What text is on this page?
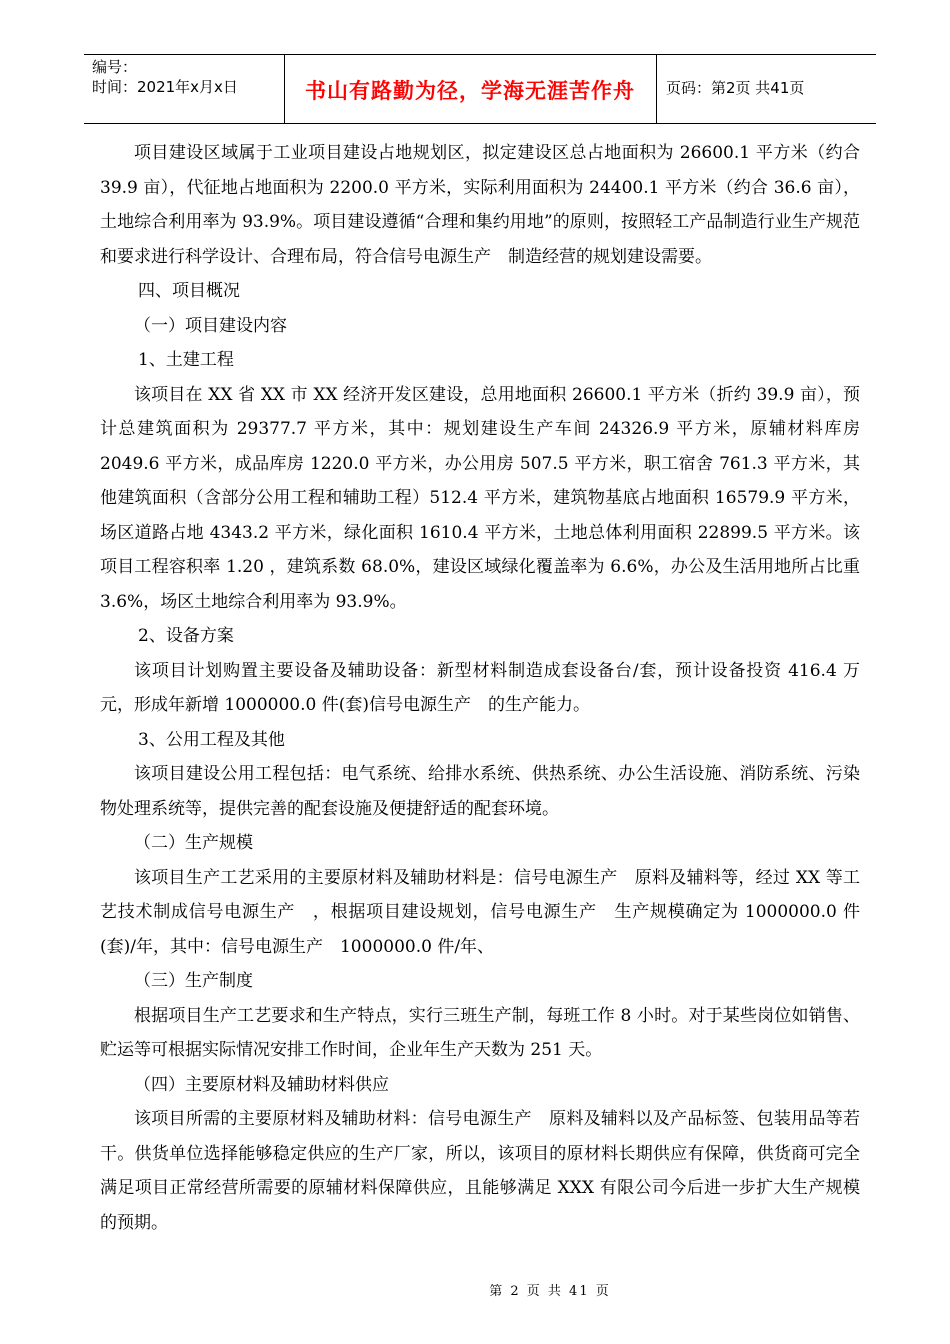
编号：
时间：2021年x月x日	书山有路勤为径，学海无涯苦作舟	页码：第2页 共41页

项目建设区域属于工业项目建设占地规划区，拟定建设区总占地面积为 26600.1 平方米（约合 39.9 亩），代征地占地面积为 2200.0 平方米，实际利用面积为 24400.1 平方米（约合 36.6 亩），土地综合利用率为 93.9%。项目建设遵循“合理和集约用地”的原则，按照轻工产品制造行业生产规范和要求进行科学设计、合理布局，符合信号电源生产　制造经营的规划建设需要。

四、项目概况

（一）项目建设内容

1、土建工程

该项目在 XX 省 XX 市 XX 经济开发区建设，总用地面积 26600.1 平方米（折约 39.9 亩），预计总建筑面积为 29377.7 平方米，其中：规划建设生产车间 24326.9 平方米，原辅材料库房 2049.6 平方米，成品库房 1220.0 平方米，办公用房 507.5 平方米，职工宿舍 761.3 平方米，其他建筑面积（含部分公用工程和辅助工程）512.4 平方米，建筑物基底占地面积 16579.9 平方米，场区道路占地 4343.2 平方米，绿化面积 1610.4 平方米，土地总体利用面积 22899.5 平方米。该项目工程容积率 1.20 ，建筑系数 68.0%，建设区域绿化覆盖率为 6.6%，办公及生活用地所占比重 3.6%，场区土地综合利用率为 93.9%。

2、设备方案

该项目计划购置主要设备及辅助设备：新型材料制造成套设备台/套，预计设备投资 416.4 万元，形成年新增 1000000.0 件(套)信号电源生产　的生产能力。

3、公用工程及其他

该项目建设公用工程包括：电气系统、给排水系统、供热系统、办公生活设施、消防系统、污染物处理系统等，提供完善的配套设施及便捷舒适的配套环境。

（二）生产规模

该项目生产工艺采用的主要原材料及辅助材料是：信号电源生产　原料及辅料等，经过 XX 等工艺技术制成信号电源生产　，根据项目建设规划，信号电源生产　生产规模确定为 1000000.0 件(套)/年，其中：信号电源生产　1000000.0 件/年、

（三）生产制度

根据项目生产工艺要求和生产特点，实行三班生产制，每班工作 8 小时。对于某些岗位如销售、贮运等可根据实际情况安排工作时间，企业年生产天数为 251 天。

（四）主要原材料及辅助材料供应

该项目所需的主要原材料及辅助材料：信号电源生产　原料及辅料以及产品标签、包装用品等若干。供货单位选择能够稳定供应的生产厂家，所以，该项目的原材料长期供应有保障，供货商可完全满足项目正常经营所需要的原辅材料保障供应，且能够满足 XXX 有限公司今后进一步扩大生产规模的预期。

第 2 页 共 41 页
